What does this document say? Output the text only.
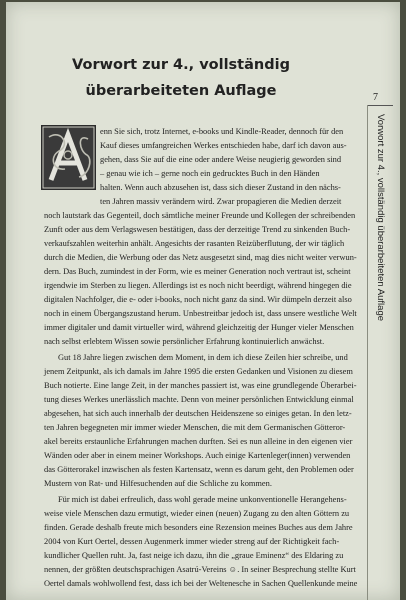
Vorwort zur 4., vollständig
überarbeiteten Auflage	7
Vorwort zur 4., vollständig überarbeiteten Auflage
enn Sie sich, trotz Internet, e-books und Kindle-Reader, dennoch für den
Kauf dieses umfangreichen Werkes entschieden habe, darf ich davon aus-
gehen, dass Sie auf die eine oder andere Weise neugierig geworden sind
– genau wie ich – gerne noch ein gedrucktes Buch in den Händen
halten. Wenn auch abzusehen ist, dass sich dieser Zustand in den nächs-
ten Jahren massiv verändern wird. Zwar propagieren die Medien derzeit
noch lautstark das Gegenteil, doch sämtliche meiner Freunde und Kollegen der schreibenden
Zunft oder aus dem Verlagswesen bestätigen, dass der derzeitige Trend zu sinkenden Buch-
verkaufszahlen weiterhin anhält. Angesichts der rasanten Reizüberflutung, der wir täglich
durch die Medien, die Werbung oder das Netz ausgesetzt sind, mag dies nicht weiter verwun-
dern. Das Buch, zumindest in der Form, wie es meiner Generation noch vertraut ist, scheint
irgendwie im Sterben zu liegen. Allerdings ist es noch nicht beerdigt, während hingegen die
digitalen Nachfolger, die e- oder i-books, noch nicht ganz da sind. Wir dümpeln derzeit also
noch in einem Übergangszustand herum. Unbestreitbar jedoch ist, dass unsere westliche Welt
immer digitaler und damit virtueller wird, während gleichzeitig der Hunger vieler Menschen
nach selbst erlebtem Wissen sowie persönlicher Erfahrung kontinuierlich anwächst.
Gut 18 Jahre liegen zwischen dem Moment, in dem ich diese Zeilen hier schreibe, und
jenem Zeitpunkt, als ich damals im Jahre 1995 die ersten Gedanken und Visionen zu diesem
Buch notierte. Eine lange Zeit, in der manches passiert ist, was eine grundlegende Überarbei-
tung dieses Werkes unerlässlich machte. Denn von meiner persönlichen Entwicklung einmal
abgesehen, hat sich auch innerhalb der deutschen Heidenszene so einiges getan. In den letz-
ten Jahren begegneten mir immer wieder Menschen, die mit dem Germanischen Götteror-
akel bereits erstaunliche Erfahrungen machen durften. Sei es nun alleine in den eigenen vier
Wänden oder aber in einem meiner Workshops. Auch einige Kartenleger(innen) verwenden
das Götterorakel inzwischen als festen Kartensatz, wenn es darum geht, den Problemen oder
Mustern von Rat- und Hilfesuchenden auf die Schliche zu kommen.
Für mich ist dabei erfreulich, dass wohl gerade meine unkonventionelle Herangehens-
weise viele Menschen dazu ermutigt, wieder einen (neuen) Zugang zu den alten Göttern zu
finden. Gerade deshalb freute mich besonders eine Rezension meines Buches aus dem Jahre
2004 von Kurt Oertel, dessen Augenmerk immer wieder streng auf der Richtigkeit fach-
kundlicher Quellen ruht. Ja, fast neige ich dazu, ihn die „graue Eminenz“ des Eldaring zu
nennen, der größten deutschsprachigen Asatrú-Vereins ☺. In seiner Besprechung stellte Kurt
Oertel damals wohlwollend fest, dass ich bei der Weltenesche in Sachen Quellenkunde meine
